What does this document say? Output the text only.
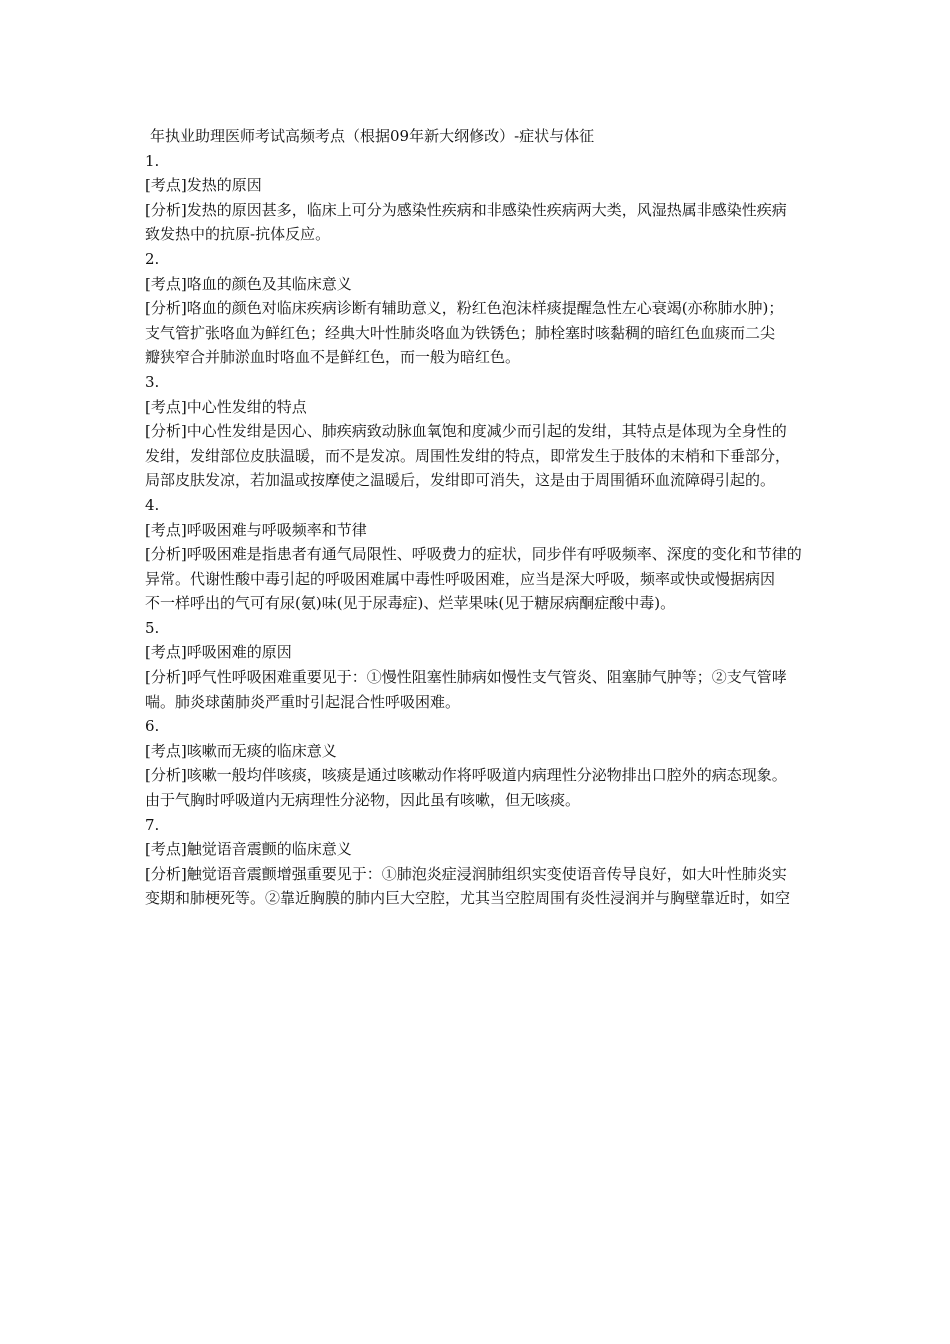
年执业助理医师考试高频考点（根据09年新大纲修改）-症状与体征
1.
[考点]发热的原因
[分析]发热的原因甚多，临床上可分为感染性疾病和非感染性疾病两大类，风湿热属非感染性疾病
致发热中的抗原-抗体反应。
2.
[考点]咯血的颜色及其临床意义
[分析]咯血的颜色对临床疾病诊断有辅助意义，粉红色泡沫样痰提醒急性左心衰竭(亦称肺水肿)；
支气管扩张咯血为鲜红色；经典大叶性肺炎咯血为铁锈色；肺栓塞时咳黏稠的暗红色血痰而二尖
瓣狭窄合并肺淤血时咯血不是鲜红色，而一般为暗红色。
3.
[考点]中心性发绀的特点
[分析]中心性发绀是因心、肺疾病致动脉血氧饱和度减少而引起的发绀，其特点是体现为全身性的
发绀，发绀部位皮肤温暖，而不是发凉。周围性发绀的特点，即常发生于肢体的末梢和下垂部分，
局部皮肤发凉，若加温或按摩使之温暖后，发绀即可消失，这是由于周围循环血流障碍引起的。
4.
[考点]呼吸困难与呼吸频率和节律
[分析]呼吸困难是指患者有通气局限性、呼吸费力的症状，同步伴有呼吸频率、深度的变化和节律的
异常。代谢性酸中毒引起的呼吸困难属中毒性呼吸困难，应当是深大呼吸，频率或快或慢据病因
不一样呼出的气可有尿(氨)味(见于尿毒症)、烂苹果味(见于糖尿病酮症酸中毒)。
5.
[考点]呼吸困难的原因
[分析]呼气性呼吸困难重要见于：①慢性阻塞性肺病如慢性支气管炎、阻塞肺气肿等；②支气管哮
喘。肺炎球菌肺炎严重时引起混合性呼吸困难。
6.
[考点]咳嗽而无痰的临床意义
[分析]咳嗽一般均伴咳痰，咳痰是通过咳嗽动作将呼吸道内病理性分泌物排出口腔外的病态现象。
由于气胸时呼吸道内无病理性分泌物，因此虽有咳嗽，但无咳痰。
7.
[考点]触觉语音震颤的临床意义
[分析]触觉语音震颤增强重要见于：①肺泡炎症浸润肺组织实变使语音传导良好，如大叶性肺炎实
变期和肺梗死等。②靠近胸膜的肺内巨大空腔，尤其当空腔周围有炎性浸润并与胸壁靠近时，如空
